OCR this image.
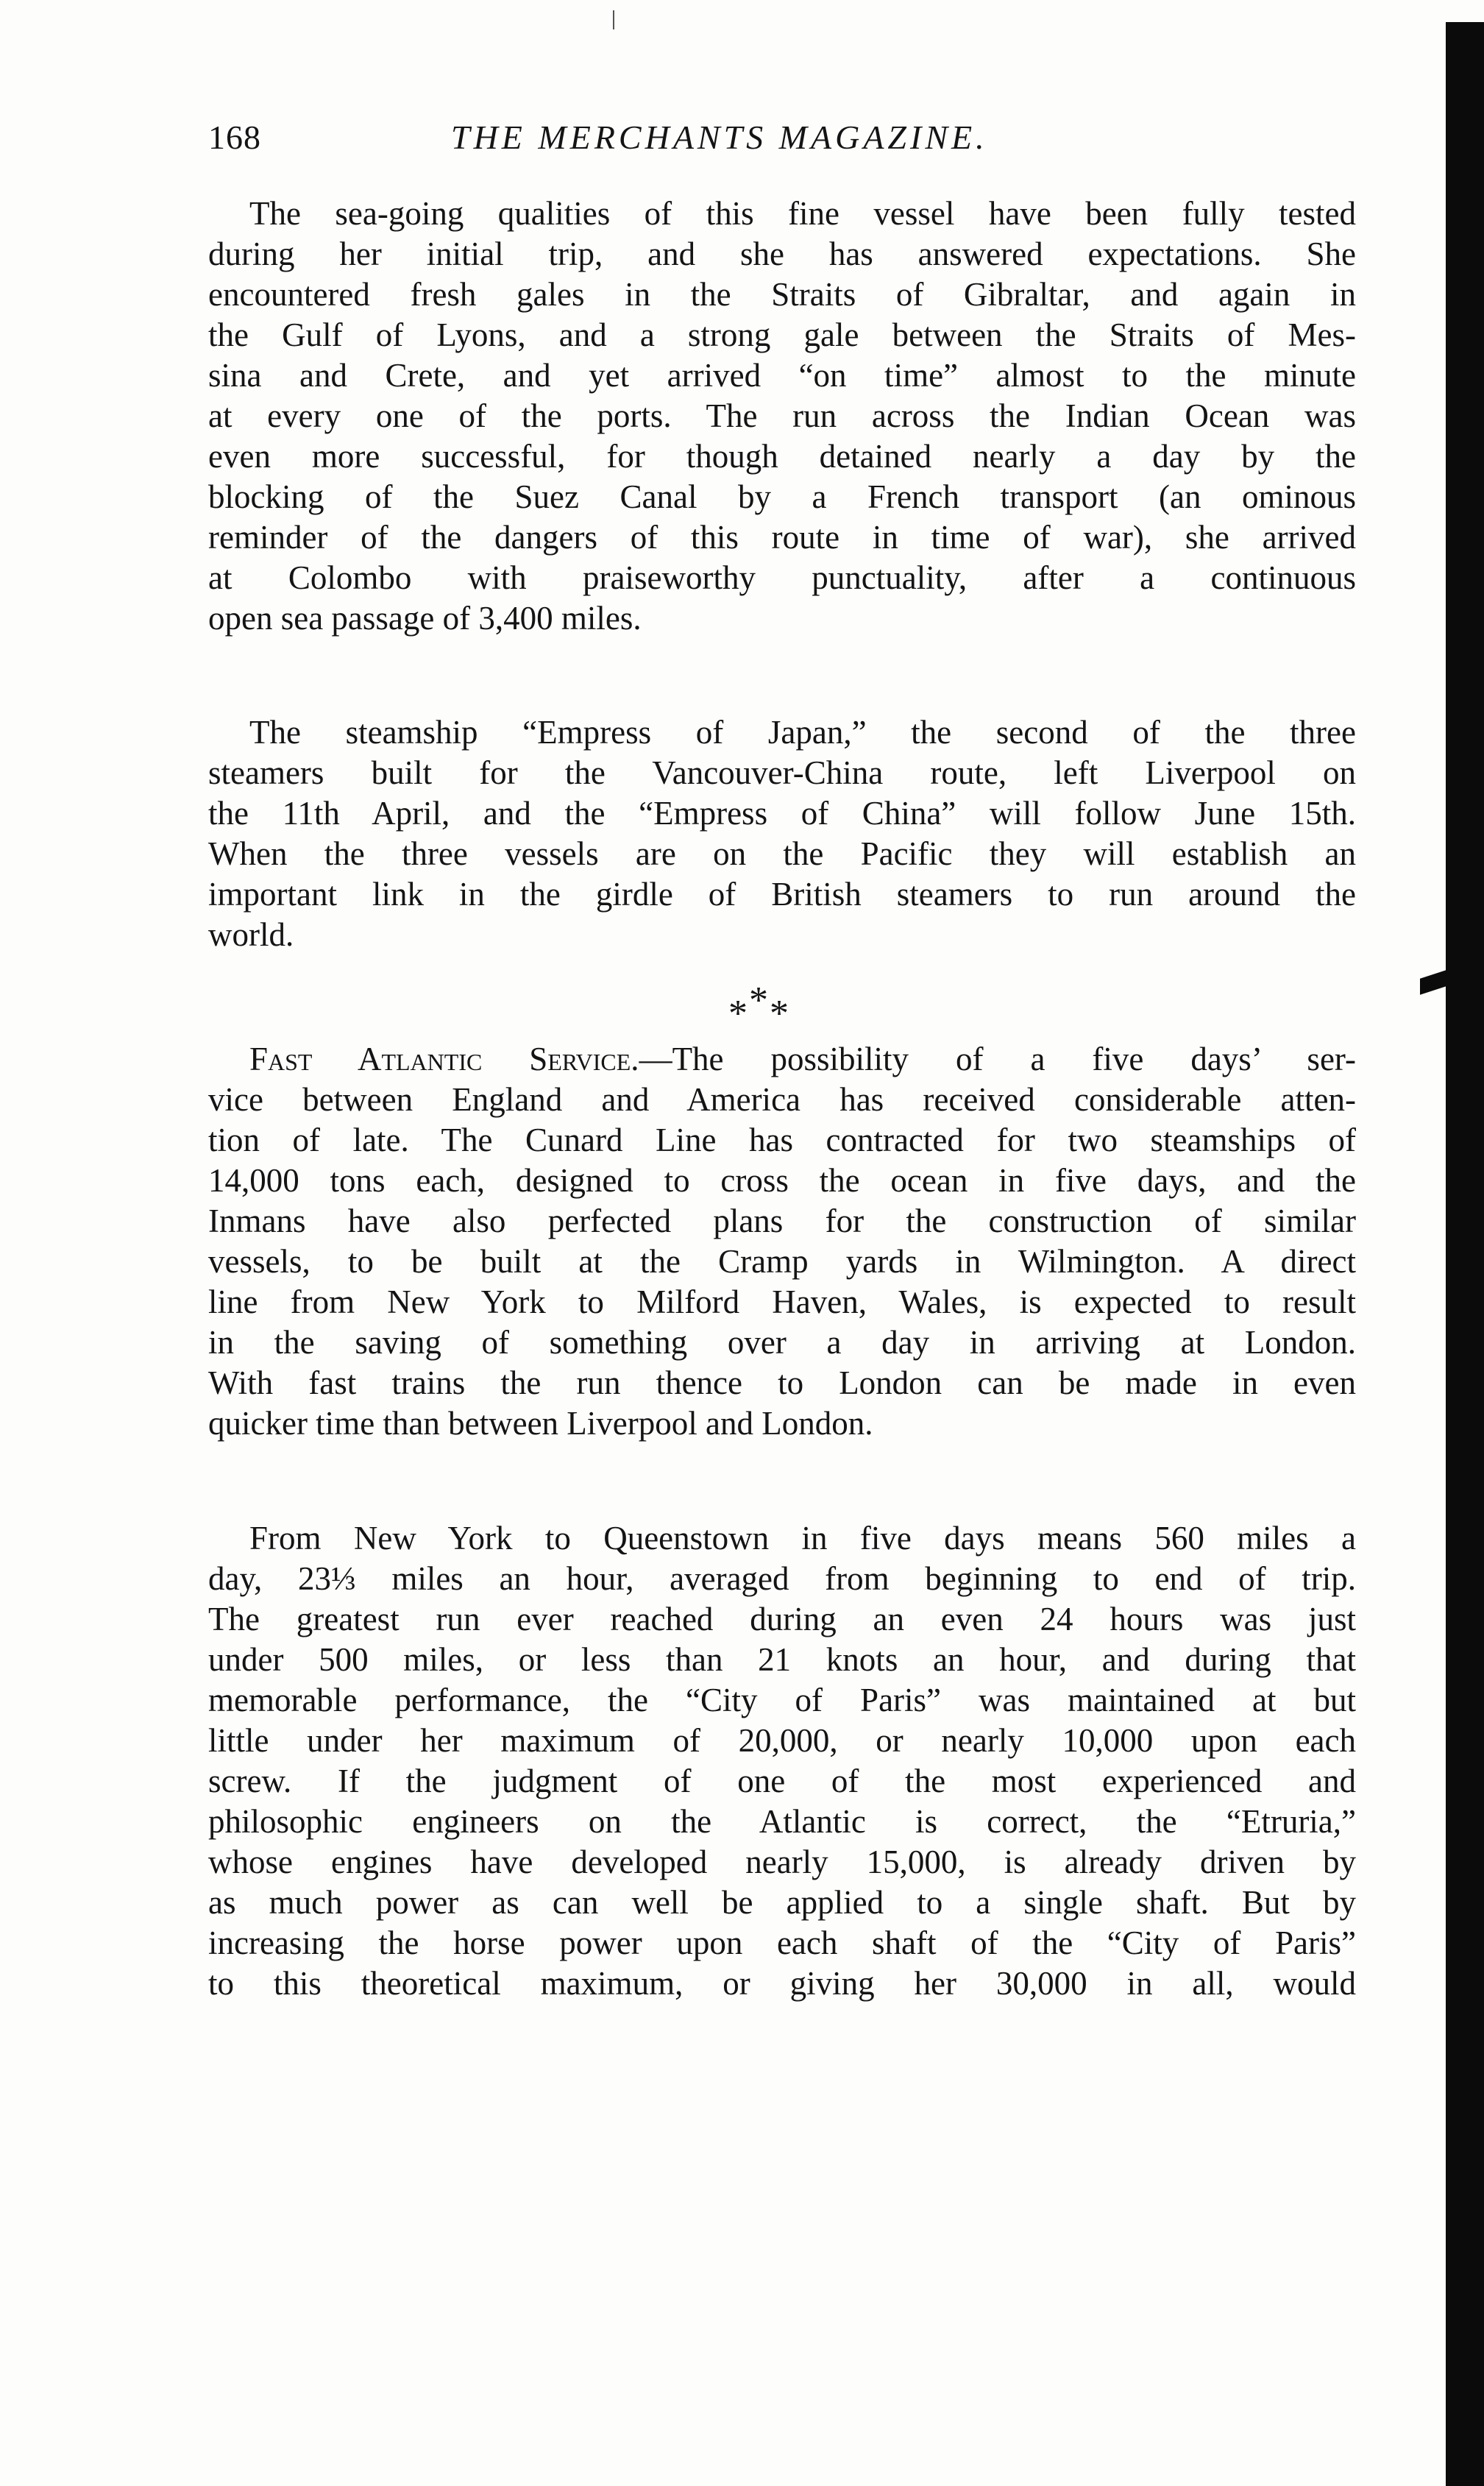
168	THE MERCHANTS MAGAZINE.
The sea-going qualities of this fine vessel have been fully tested
during her initial trip, and she has answered expectations. She
encountered fresh gales in the Straits of Gibraltar, and again in
the Gulf of Lyons, and a strong gale between the Straits of Mes-
sina and Crete, and yet arrived “on time” almost to the minute
at every one of the ports. The run across the Indian Ocean was
even more successful, for though detained nearly a day by the
blocking of the Suez Canal by a French transport (an ominous
reminder of the dangers of this route in time of war), she arrived
at Colombo with praiseworthy punctuality, after a continuous
open sea passage of 3,400 miles.
The steamship “Empress of Japan,” the second of the three
steamers built for the Vancouver-China route, left Liverpool on
the 11th April, and the “Empress of China” will follow June 15th.
When the three vessels are on the Pacific they will establish an
important link in the girdle of British steamers to run around the
world.
***
Fast Atlantic Service.—The possibility of a five days’ ser-
vice between England and America has received considerable atten-
tion of late. The Cunard Line has contracted for two steamships of
14,000 tons each, designed to cross the ocean in five days, and the
Inmans have also perfected plans for the construction of similar
vessels, to be built at the Cramp yards in Wilmington. A direct
line from New York to Milford Haven, Wales, is expected to result
in the saving of something over a day in arriving at London.
With fast trains the run thence to London can be made in even
quicker time than between Liverpool and London.
From New York to Queenstown in five days means 560 miles a
day, 23⅓ miles an hour, averaged from beginning to end of trip.
The greatest run ever reached during an even 24 hours was just
under 500 miles, or less than 21 knots an hour, and during that
memorable performance, the “City of Paris” was maintained at but
little under her maximum of 20,000, or nearly 10,000 upon each
screw. If the judgment of one of the most experienced and
philosophic engineers on the Atlantic is correct, the “Etruria,”
whose engines have developed nearly 15,000, is already driven by
as much power as can well be applied to a single shaft. But by
increasing the horse power upon each shaft of the “City of Paris”
to this theoretical maximum, or giving her 30,000 in all, would
